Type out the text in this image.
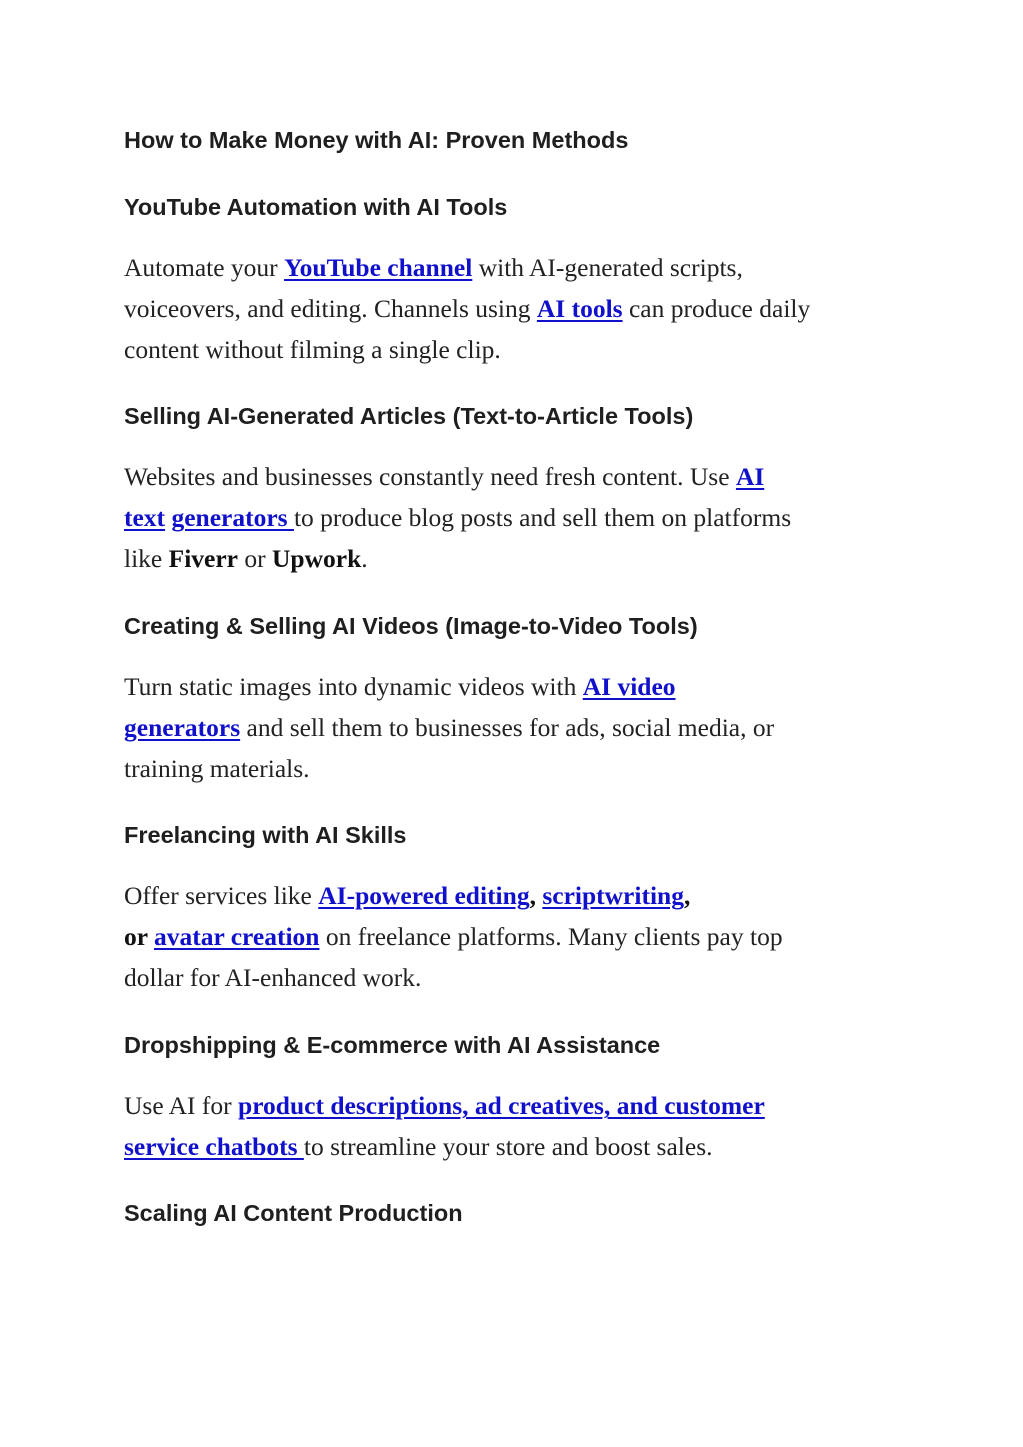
How to Make Money with AI: Proven Methods
YouTube Automation with AI Tools

Automate your YouTube channel with AI-generated scripts,
voiceovers, and editing. Channels using AI tools can produce daily
content without filming a single clip.

Selling AI-Generated Articles (Text-to-Article Tools)

Websites and businesses constantly need fresh content. Use AI
text generators to produce blog posts and sell them on platforms
like Fiverr or Upwork.

Creating & Selling AI Videos (Image-to-Video Tools)

Turn static images into dynamic videos with AI video
generators and sell them to businesses for ads, social media, or
training materials.

Freelancing with AI Skills

Offer services like AI-powered editing, scriptwriting,
or avatar creation on freelance platforms. Many clients pay top
dollar for AI-enhanced work.

Dropshipping & E-commerce with AI Assistance

Use AI for product descriptions, ad creatives, and customer
service chatbots to streamline your store and boost sales.

Scaling AI Content Production
